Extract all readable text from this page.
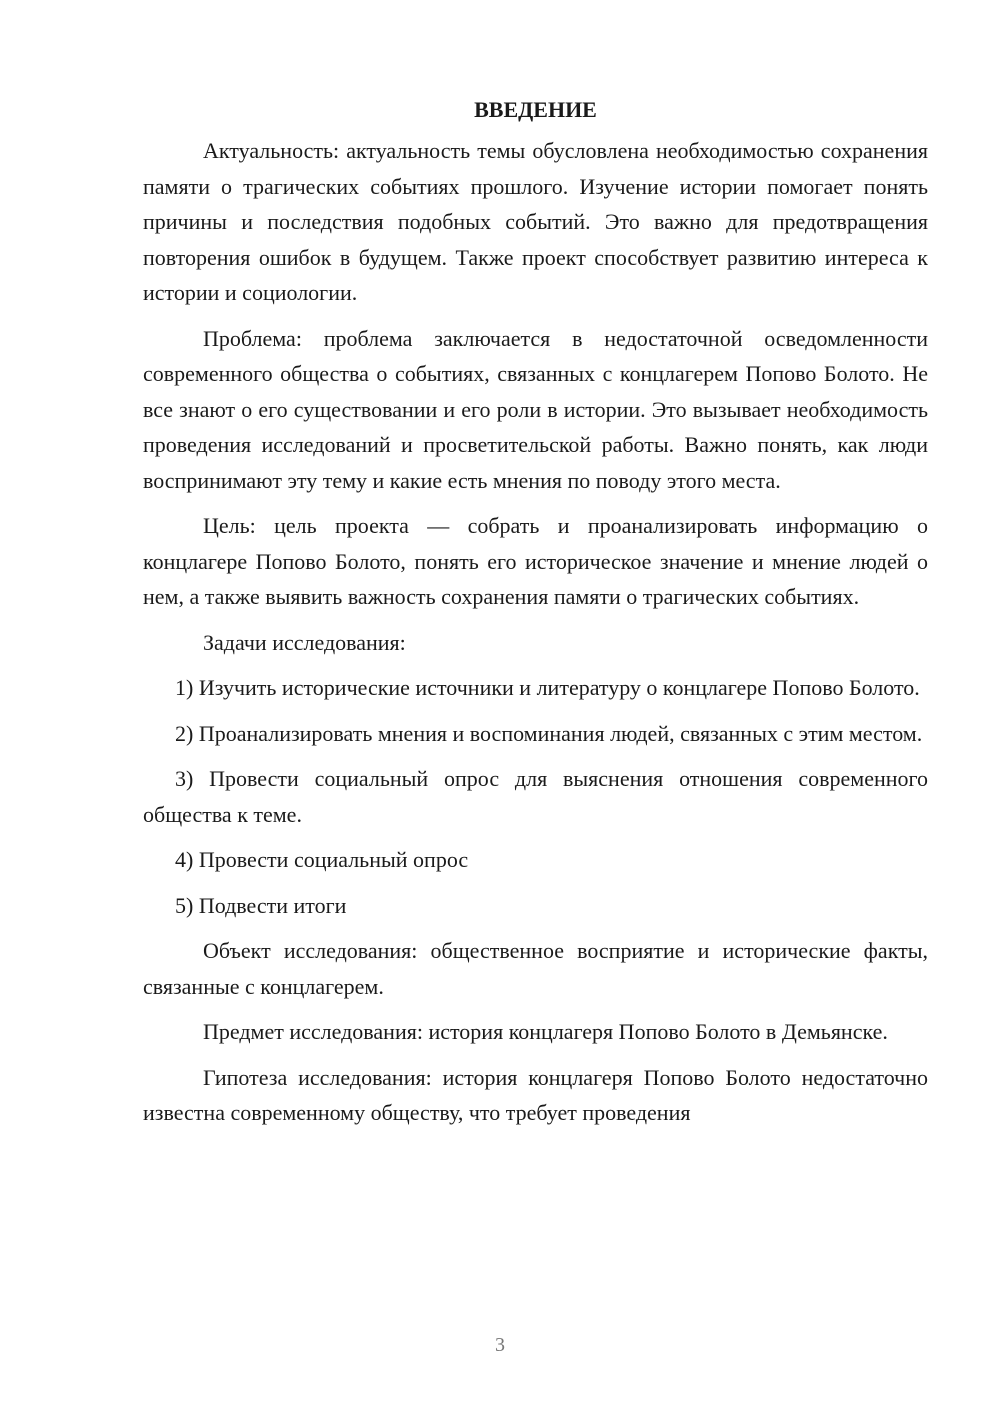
ВВЕДЕНИЕ

Актуальность: актуальность темы обусловлена необходимостью сохранения памяти о трагических событиях прошлого. Изучение истории помогает понять причины и последствия подобных событий. Это важно для предотвращения повторения ошибок в будущем. Также проект способствует развитию интереса к истории и социологии.

Проблема: проблема заключается в недостаточной осведомленности современного общества о событиях, связанных с концлагерем Попово Болото. Не все знают о его существовании и его роли в истории. Это вызывает необходимость проведения исследований и просветительской работы. Важно понять, как люди воспринимают эту тему и какие есть мнения по поводу этого места.

Цель: цель проекта — собрать и проанализировать информацию о концлагере Попово Болото, понять его историческое значение и мнение людей о нем, а также выявить важность сохранения памяти о трагических событиях.

Задачи исследования:

1) Изучить исторические источники и литературу о концлагере Попово Болото.

2) Проанализировать мнения и воспоминания людей, связанных с этим местом.

3) Провести социальный опрос для выяснения отношения современного общества к теме.

4) Провести социальный опрос

5) Подвести итоги

Объект исследования: общественное восприятие и исторические факты, связанные с концлагерем.

Предмет исследования: история концлагеря Попово Болото в Демьянске.

Гипотеза исследования: история концлагеря Попово Болото недостаточно известна современному обществу, что требует проведения

3
